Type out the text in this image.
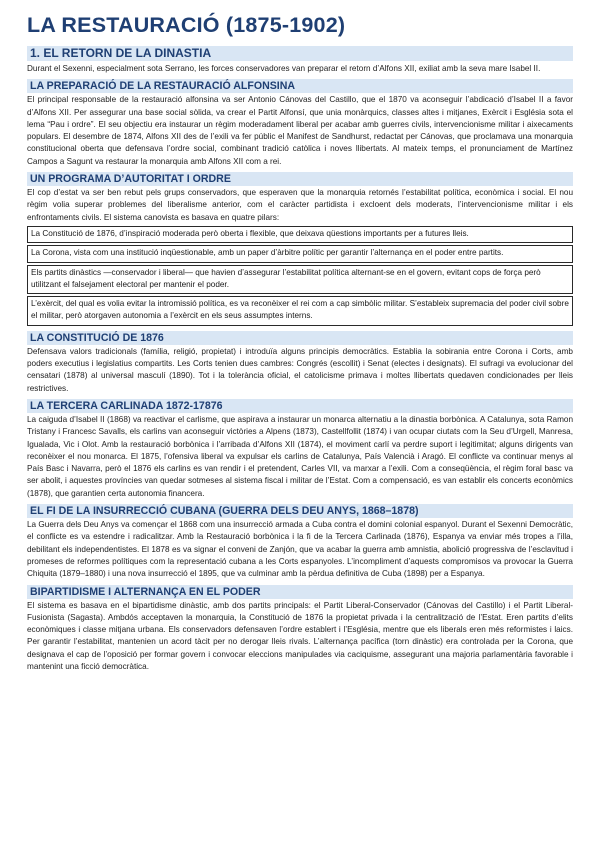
LA RESTAURACIÓ (1875-1902)
1. EL RETORN DE LA DINASTIA

Durant el Sexenni, especialment sota Serrano, les forces conservadores van preparar el retorn d’Alfons XII, exiliat amb la seva mare Isabel II.

LA PREPARACIÓ DE LA RESTAURACIÓ ALFONSINA

El principal responsable de la restauració alfonsina va ser Antonio Cánovas del Castillo, que el 1870 va aconseguir l’abdicació d’Isabel II a favor d’Alfons XII. Per assegurar una base social sòlida, va crear el Partit Alfonsí, que unia monàrquics, classes altes i mitjanes, Exèrcit i Església sota el lema “Pau i ordre”. El seu objectiu era instaurar un règim moderadament liberal per acabar amb guerres civils, intervencionisme militar i aixecaments populars. El desembre de 1874, Alfons XII des de l’exili va fer públic el Manifest de Sandhurst, redactat per Cánovas, que proclamava una monarquia constitucional oberta que defensava l’ordre social, combinant tradició catòlica i noves llibertats. Al mateix temps, el pronunciament de Martínez Campos a Sagunt va restaurar la monarquia amb Alfons XII com a rei.

UN PROGRAMA D’AUTORITAT I ORDRE

El cop d’estat va ser ben rebut pels grups conservadors, que esperaven que la monarquia retornés l’estabilitat política, econòmica i social. El nou règim volia superar problemes del liberalisme anterior, com el caràcter partidista i excloent dels moderats, l’intervencionisme militar i els enfrontaments civils. El sistema canovista es basava en quatre pilars:

La Constitució de 1876, d’inspiració moderada però oberta i flexible, que deixava qüestions importants per a futures lleis.
La Corona, vista com una institució inqüestionable, amb un paper d’àrbitre polític per garantir l’alternança en el poder entre partits.
Els partits dinàstics —conservador i liberal— que havien d’assegurar l’estabilitat política alternant-se en el govern, evitant cops de força però utilitzant el falsejament electoral per mantenir el poder.
L’exèrcit, del qual es volia evitar la intromissió política, es va reconèixer el rei com a cap simbòlic militar. S’estableix supremacia del poder civil sobre el militar, però atorgaven autonomia a l’exèrcit en els seus assumptes interns.
LA CONSTITUCIÓ DE 1876

Defensava valors tradicionals (família, religió, propietat) i introduïa alguns principis democràtics. Establia la sobirania entre Corona i Corts, amb poders executius i legislatius compartits. Les Corts tenien dues cambres: Congrés (escollit) i Senat (electes i designats). El sufragi va evolucionar del censatari (1878) al universal masculí (1890). Tot i la tolerància oficial, el catolicisme primava i moltes llibertats quedaven condicionades per lleis restrictives.

LA TERCERA CARLINADA 1872-17876

La caiguda d’Isabel II (1868) va reactivar el carlisme, que aspirava a instaurar un monarca alternatiu a la dinastia borbònica. A Catalunya, sota Ramon Tristany i Francesc Savalls, els carlins van aconseguir victòries a Alpens (1873), Castellfollit (1874) i van ocupar ciutats com la Seu d’Urgell, Manresa, Igualada, Vic i Olot. Amb la restauració borbònica i l’arribada d’Alfons XII (1874), el moviment carlí va perdre suport i legitimitat; alguns dirigents van reconèixer el nou monarca. El 1875, l’ofensiva liberal va expulsar els carlins de Catalunya, País Valencià i Aragó. El conflicte va continuar menys al País Basc i Navarra, però el 1876 els carlins es van rendir i el pretendent, Carles VII, va marxar a l’exili. Com a conseqüència, el règim foral basc va ser abolit, i aquestes províncies van quedar sotmeses al sistema fiscal i militar de l’Estat. Com a compensació, es van establir els concerts econòmics (1878), que garantien certa autonomia financera.

EL FI DE LA INSURRECCIÓ CUBANA (GUERRA DELS DEU ANYS, 1868–1878)

La Guerra dels Deu Anys va començar el 1868 com una insurrecció armada a Cuba contra el domini colonial espanyol. Durant el Sexenni Democràtic, el conflicte es va estendre i radicalitzar. Amb la Restauració borbònica i la fi de la Tercera Carlinada (1876), Espanya va enviar més tropes a l’illa, debilitant els independentistes. El 1878 es va signar el conveni de Zanjón, que va acabar la guerra amb amnistia, abolició progressiva de l’esclavitud i promeses de reformes polítiques com la representació cubana a les Corts espanyoles. L’incompliment d’aquests compromisos va provocar la Guerra Chiquita (1879–1880) i una nova insurrecció el 1895, que va culminar amb la pèrdua definitiva de Cuba (1898) per a Espanya.

BIPARTIDISME I ALTERNANÇA EN EL PODER

El sistema es basava en el bipartidisme dinàstic, amb dos partits principals: el Partit Liberal-Conservador (Cánovas del Castillo) i el Partit Liberal-Fusionista (Sagasta). Ambdós acceptaven la monarquia, la Constitució de 1876 la propietat privada i la centralització de l’Estat. Eren partits d’elits econòmiques i classe mitjana urbana. Els conservadors defensaven l’ordre establert i l’Església, mentre que els liberals eren més reformistes i laics. Per garantir l’estabilitat, mantenien un acord tàcit per no derogar lleis rivals. L’alternança pacífica (torn dinàstic) era controlada per la Corona, que designava el cap de l’oposició per formar govern i convocar eleccions manipulades via caciquisme, assegurant una majoria parlamentària favorable i mantenint una ficció democràtica.
